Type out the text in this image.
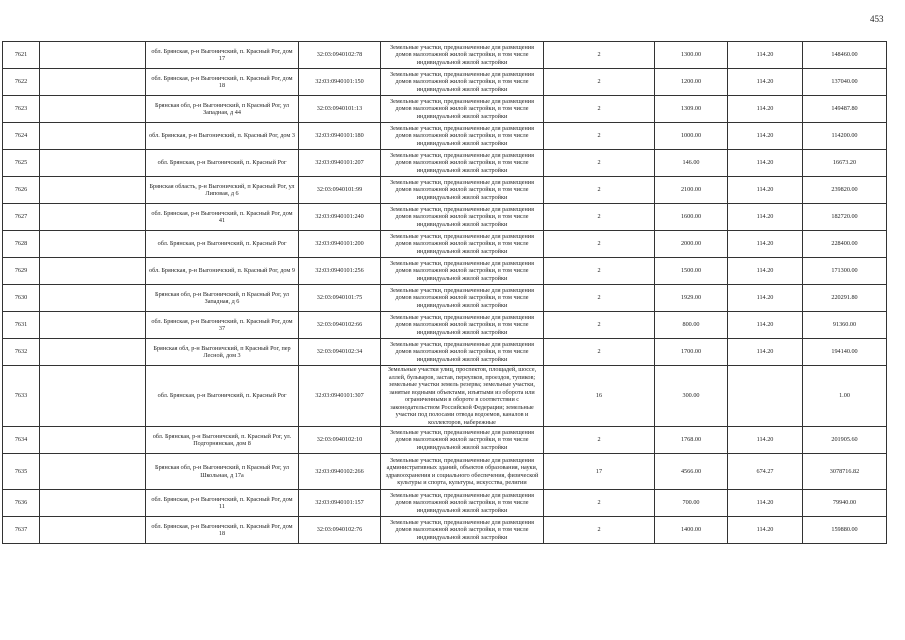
453
7621		обл. Брянская, р-н Выгоничский, п. Красный Рог, дом 17	32:03:0940102:78	Земельные участки, предназначенные для размещения домов малоэтажной жилой застройки, в том числе индивидуальной жилой застройки	2	1300.00	114.20	148460.00
7622		обл. Брянская, р-н Выгоничский, п. Красный Рог, дом 18	32:03:0940101:150	Земельные участки, предназначенные для размещения домов малоэтажной жилой застройки, в том числе индивидуальной жилой застройки	2	1200.00	114.20	137040.00
7623		Брянская обл, р-н Выгоничский, п Красный Рог, ул Западная, д 44	32:03:0940101:13	Земельные участки, предназначенные для размещения домов малоэтажной жилой застройки, в том числе индивидуальной жилой застройки	2	1309.00	114.20	149487.80
7624		обл. Брянская, р-н Выгоничский, п. Красный Рог, дом 3	32:03:0940101:180	Земельные участки, предназначенные для размещения домов малоэтажной жилой застройки, в том числе индивидуальной жилой застройки	2	1000.00	114.20	114200.00
7625		обл. Брянская, р-н Выгоничский, п. Красный Рог	32:03:0940101:207	Земельные участки, предназначенные для размещения домов малоэтажной жилой застройки, в том числе индивидуальной жилой застройки	2	146.00	114.20	16673.20
7626		Брянская область, р-н Выгоничский, п Красный Рог, ул Липовая, д 6	32:03:0940101:99	Земельные участки, предназначенные для размещения домов малоэтажной жилой застройки, в том числе индивидуальной жилой застройки	2	2100.00	114.20	239820.00
7627		обл. Брянская, р-н Выгоничский, п. Красный Рог, дом 41	32:03:0940101:240	Земельные участки, предназначенные для размещения домов малоэтажной жилой застройки, в том числе индивидуальной жилой застройки	2	1600.00	114.20	182720.00
7628		обл. Брянская, р-н Выгоничский, п. Красный Рог	32:03:0940101:200	Земельные участки, предназначенные для размещения домов малоэтажной жилой застройки, в том числе индивидуальной жилой застройки	2	2000.00	114.20	228400.00
7629		обл. Брянская, р-н Выгоничский, п. Красный Рог, дом 9	32:03:0940101:256	Земельные участки, предназначенные для размещения домов малоэтажной жилой застройки, в том числе индивидуальной жилой застройки	2	1500.00	114.20	171300.00
7630		Брянская обл, р-н Выгоничский, п Красный Рог, ул Западная, д 6	32:03:0940101:75	Земельные участки, предназначенные для размещения домов малоэтажной жилой застройки, в том числе индивидуальной жилой застройки	2	1929.00	114.20	220291.80
7631		обл. Брянская, р-н Выгоничский, п. Красный Рог, дом 37	32:03:0940102:66	Земельные участки, предназначенные для размещения домов малоэтажной жилой застройки, в том числе индивидуальной жилой застройки	2	800.00	114.20	91360.00
7632		Брянская обл, р-н Выгоничский, п Красный Рог, пер Лесной, дом 3	32:03:0940102:34	Земельные участки, предназначенные для размещения домов малоэтажной жилой застройки, в том числе индивидуальной жилой застройки	2	1700.00	114.20	194140.00
7633		обл. Брянская, р-н Выгоничский, п. Красный Рог	32:03:0940101:307	Земельные участки улиц, проспектов, площадей, шоссе, аллей, бульваров, застав, переулков, проездов, тупиков; земельные участки земель резерва; земельные участки, занятые водными объектами, изъятыми из оборота или ограниченными в обороте в соответствии с законодательством Российской Федерации; земельные участки под полосами отвода водоемов, каналов и коллекторов, набережные	16	300.00		1.00
7634		обл. Брянская, р-н Выгоничский, п. Красный Рог, ул. Подгорнянская, дом 8	32:03:0940102:10	Земельные участки, предназначенные для размещения домов малоэтажной жилой застройки, в том числе индивидуальной жилой застройки	2	1768.00	114.20	201905.60
7635		Брянская обл, р-н Выгоничский, п Красный Рог, ул Школьная, д 17а	32:03:0940102:266	Земельные участки, предназначенные для размещения административных зданий, объектов образования, науки, здравоохранения и социального обеспечения, физической культуры и спорта, культуры, искусства, религии	17	4566.00	674.27	3078716.82
7636		обл. Брянская, р-н Выгоничский, п. Красный Рог, дом 11	32:03:0940101:157	Земельные участки, предназначенные для размещения домов малоэтажной жилой застройки, в том числе индивидуальной жилой застройки	2	700.00	114.20	79940.00
7637		обл. Брянская, р-н Выгоничский, п. Красный Рог, дом 18	32:03:0940102:76	Земельные участки, предназначенные для размещения домов малоэтажной жилой застройки, в том числе индивидуальной жилой застройки	2	1400.00	114.20	159880.00
